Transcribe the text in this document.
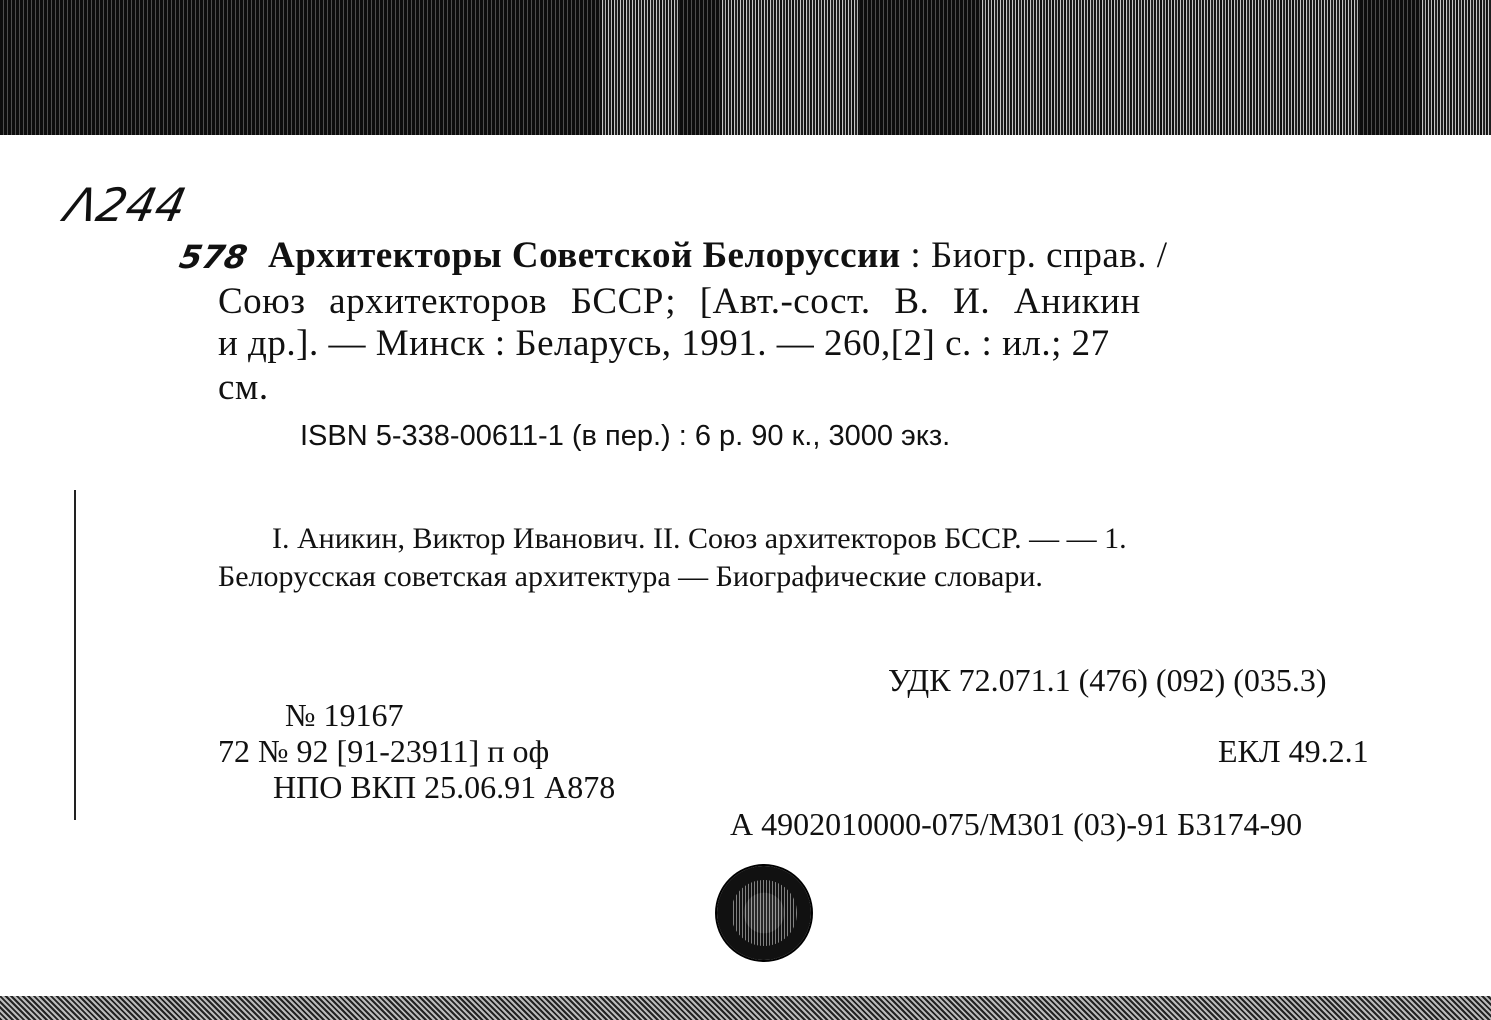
Λ244
578 Архитекторы Советской Белоруссии : Биогр. справ. /
Союз архитекторов БССР; [Авт.-сост. В. И. Аникин
и др.]. — Минск : Беларусь, 1991. — 260,[2] с. : ил.; 27
см.
ISBN 5-338-00611-1 (в пер.) : 6 р. 90 к., 3000 экз.
I. Аникин, Виктор Иванович. II. Союз архитекторов БССР. — — 1.
Белорусская советская архитектура — Биографические словари.
УДК 72.071.1 (476) (092) (035.3)
№ 19167
72 № 92 [91-23911] п оф	ЕКЛ 49.2.1
НПО ВКП 25.06.91 А878
А 4902010000-075/М301 (03)-91 Б3174-90
